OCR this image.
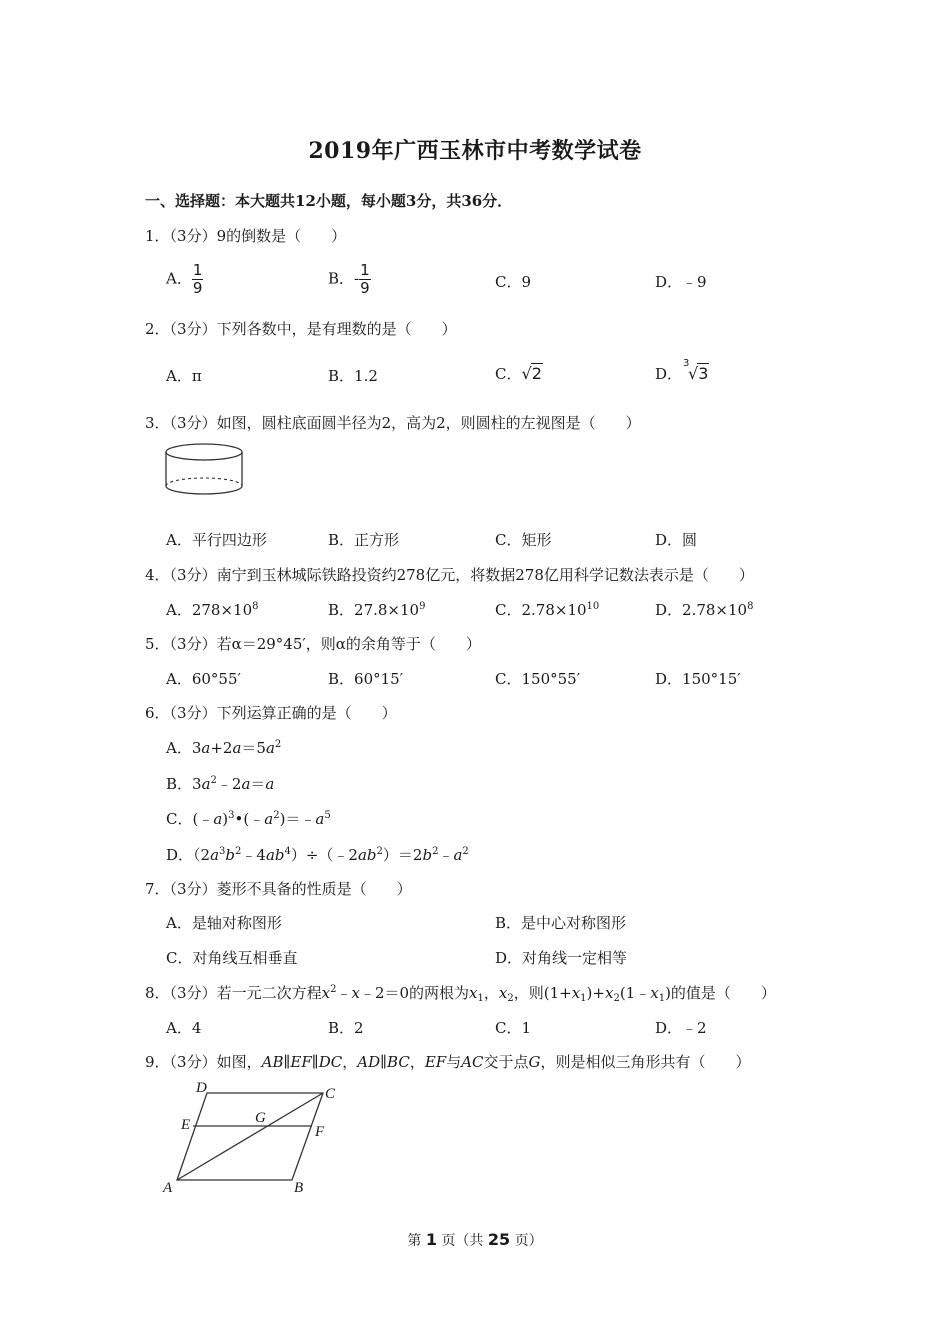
2019年广西玉林市中考数学试卷
一、选择题：本大题共12小题，每小题3分，共36分．
1．（3分）9的倒数是（　　）
A． $\frac{1}{9}$	B．- $\frac{1}{9}$	C．9	D．﹣9
2．（3分）下列各数中，是有理数的是（　　）
A．π	B．1.2	C．√2	D．
3
√3
3．（3分）如图，圆柱底面圆半径为2，高为2，则圆柱的左视图是（　　）
A．平行四边形	B．正方形	C．矩形	D．圆
4．（3分）南宁到玉林城际铁路投资约278亿元，将数据278亿用科学记数法表示是（　　）
A．$278\times 10^8$	B．$27.8\times 10^9$	C．$2.78\times 10^{10}$	D．$2.78\times 10^8$
5．（3分）若α＝29°45′，则α的余角等于（　　）
A．60°55′	B．60°15′	C．150°55′	D．150°15′
6．（3分）下列运算正确的是（　　）
A．$3a+2a=5a^2$
B．$3a^2﹣2a=a$
C．$(﹣a)^3•(﹣a^2)=﹣a^5$
D．$(2a^3b^2﹣4ab^4)\div(﹣2ab^2)=2b^2﹣a^2$
7．（3分）菱形不具备的性质是（　　）
A．是轴对称图形	B．是中心对称图形
C．对角线互相垂直	D．对角线一定相等
8．（3分）若一元二次方程$x^2﹣x﹣2=0$的两根为$x_1$，$x_2$，则$(1+x_1)+x_2(1﹣x_1)$的值是（　　）
A．4	B．2	C．1	D．﹣2
9．（3分）如图，AB∥EF∥DC，AD∥BC，EF与AC交于点G，则是相似三角形共有（　　）
D	C
E	G
F
A	B
第 1 页（共 25 页）
